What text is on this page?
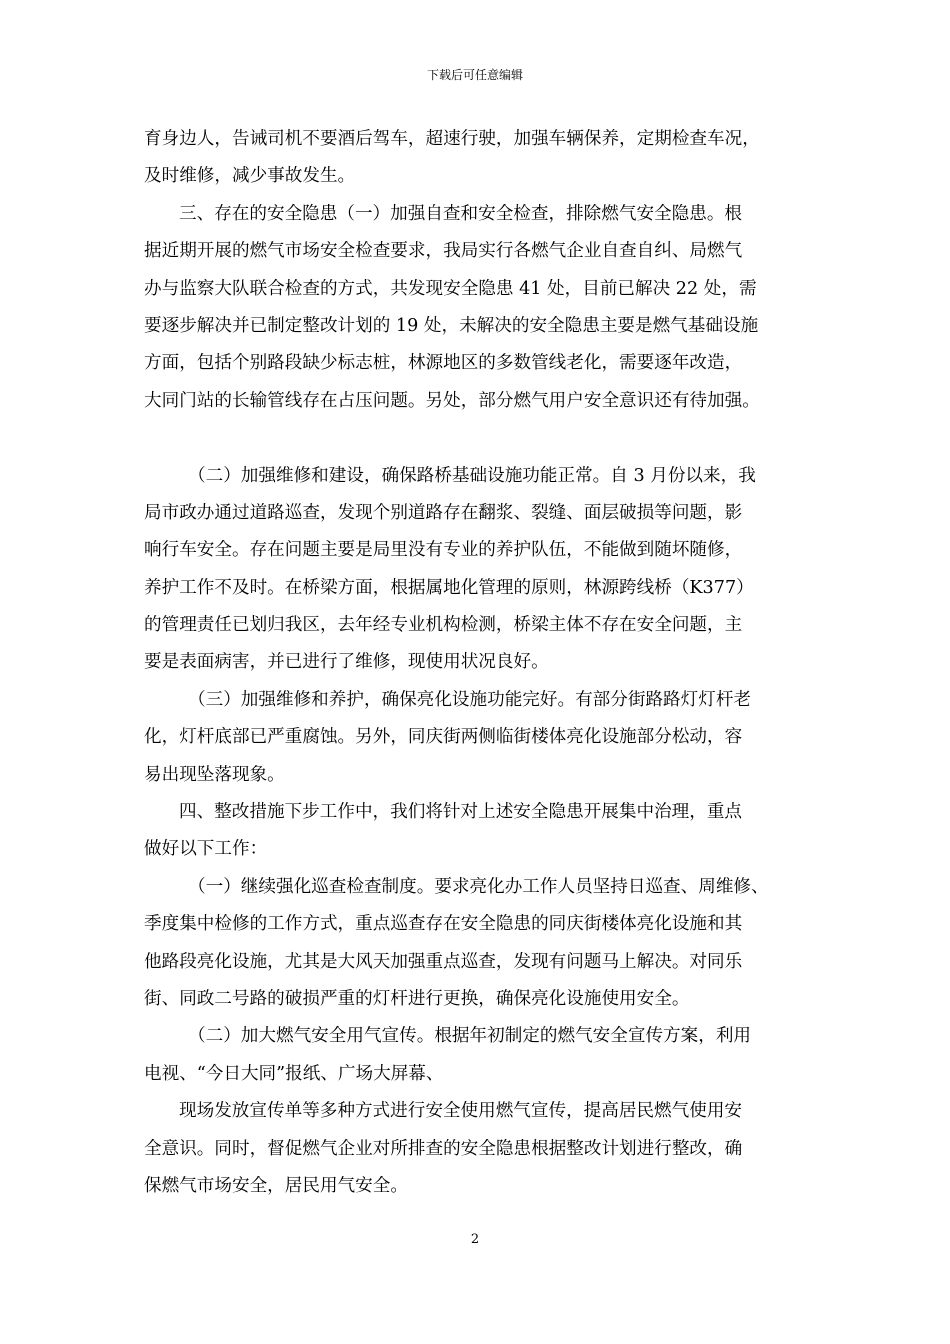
下载后可任意编辑
育身边人，告诫司机不要酒后驾车，超速行驶，加强车辆保养，定期检查车况，
及时维修，减少事故发生。
三、存在的安全隐患（一）加强自查和安全检查，排除燃气安全隐患。根
据近期开展的燃气市场安全检查要求，我局实行各燃气企业自查自纠、局燃气
办与监察大队联合检查的方式，共发现安全隐患 41 处，目前已解决 22 处，需
要逐步解决并已制定整改计划的 19 处，未解决的安全隐患主要是燃气基础设施
方面，包括个别路段缺少标志桩，林源地区的多数管线老化，需要逐年改造，
大同门站的长输管线存在占压问题。另处，部分燃气用户安全意识还有待加强。
（二）加强维修和建设，确保路桥基础设施功能正常。自 3 月份以来，我
局市政办通过道路巡查，发现个别道路存在翻浆、裂缝、面层破损等问题，影
响行车安全。存在问题主要是局里没有专业的养护队伍，不能做到随坏随修，
养护工作不及时。在桥梁方面，根据属地化管理的原则，林源跨线桥（K377）
的管理责任已划归我区，去年经专业机构检测，桥梁主体不存在安全问题，主
要是表面病害，并已进行了维修，现使用状况良好。
（三）加强维修和养护，确保亮化设施功能完好。有部分街路路灯灯杆老
化，灯杆底部已严重腐蚀。另外，同庆街两侧临街楼体亮化设施部分松动，容
易出现坠落现象。
四、整改措施下步工作中，我们将针对上述安全隐患开展集中治理，重点
做好以下工作：
（一）继续强化巡查检查制度。要求亮化办工作人员坚持日巡查、周维修、
季度集中检修的工作方式，重点巡查存在安全隐患的同庆街楼体亮化设施和其
他路段亮化设施，尤其是大风天加强重点巡查，发现有问题马上解决。对同乐
街、同政二号路的破损严重的灯杆进行更换，确保亮化设施使用安全。
（二）加大燃气安全用气宣传。根据年初制定的燃气安全宣传方案，利用
电视、“今日大同”报纸、广场大屏幕、
现场发放宣传单等多种方式进行安全使用燃气宣传，提高居民燃气使用安
全意识。同时，督促燃气企业对所排查的安全隐患根据整改计划进行整改，确
保燃气市场安全，居民用气安全。
2
